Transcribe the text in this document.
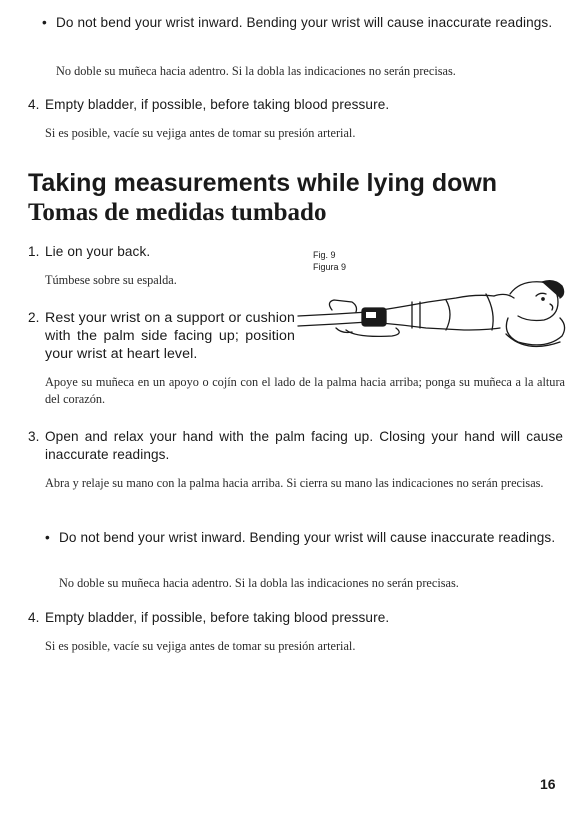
• Do not bend your wrist inward. Bending your wrist will cause inaccurate readings.
No doble su muñeca hacia adentro. Si la dobla las indicaciones no serán precisas.
4. Empty bladder, if possible, before taking blood pressure.
Si es posible, vacíe su vejiga antes de tomar su presión arterial.
Taking measurements while lying down
Tomas de medidas tumbado
1. Lie on your back.
Túmbese sobre su espalda.
Fig. 9
Figura 9
2. Rest your wrist on a support or cushion with the palm side facing up; position your wrist at heart level.
Apoye su muñeca en un apoyo o cojín con el lado de la palma hacia arriba; ponga su muñeca a la altura del corazón.
3. Open and relax your hand with the palm facing up. Closing your hand will cause inaccurate readings.
Abra y relaje su mano con la palma hacia arriba. Si cierra su mano las indicaciones no serán precisas.
• Do not bend your wrist inward. Bending your wrist will cause inaccurate readings.
No doble su muñeca hacia adentro. Si la dobla las indicaciones no serán precisas.
4. Empty bladder, if possible, before taking blood pressure.
Si es posible, vacíe su vejiga antes de tomar su presión arterial.
16
